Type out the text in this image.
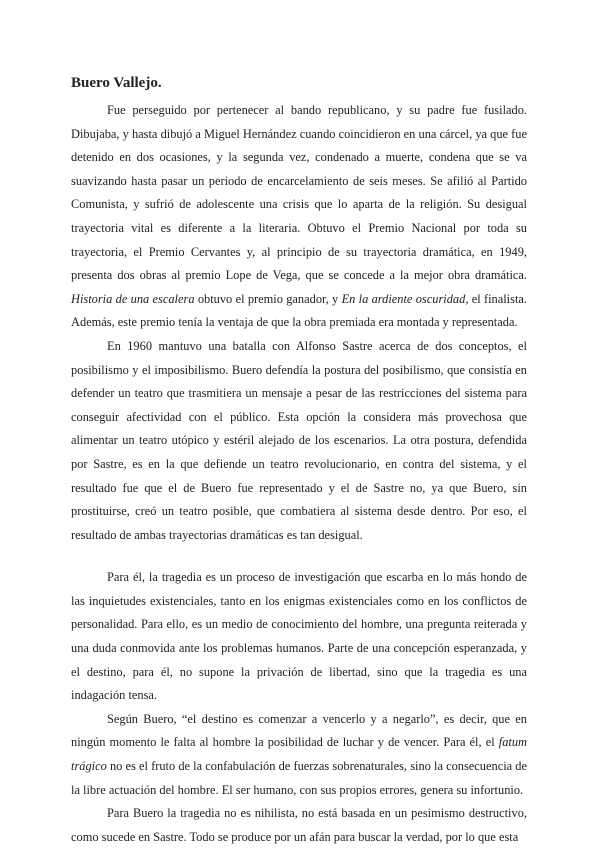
Buero Vallejo.

Fue perseguido por pertenecer al bando republicano, y su padre fue fusilado. Dibujaba, y hasta dibujó a Miguel Hernández cuando coincidieron en una cárcel, ya que fue detenido en dos ocasiones, y la segunda vez, condenado a muerte, condena que se va suavizando hasta pasar un periodo de encarcelamiento de seis meses. Se afilió al Partido Comunista, y sufrió de adolescente una crisis que lo aparta de la religión. Su desigual trayectoria vital es diferente a la literaria. Obtuvo el Premio Nacional por toda su trayectoria, el Premio Cervantes y, al principio de su trayectoria dramática, en 1949, presenta dos obras al premio Lope de Vega, que se concede a la mejor obra dramática. Historia de una escalera obtuvo el premio ganador, y En la ardiente oscuridad, el finalista. Además, este premio tenía la ventaja de que la obra premiada era montada y representada.

En 1960 mantuvo una batalla con Alfonso Sastre acerca de dos conceptos, el posibilismo y el imposibilismo. Buero defendía la postura del posibilismo, que consistía en defender un teatro que trasmitiera un mensaje a pesar de las restricciones del sistema para conseguir afectividad con el público. Esta opción la considera más provechosa que alimentar un teatro utópico y estéril alejado de los escenarios. La otra postura, defendida por Sastre, es en la que defiende un teatro revolucionario, en contra del sistema, y el resultado fue que el de Buero fue representado y el de Sastre no, ya que Buero, sin prostituirse, creó un teatro posible, que combatiera al sistema desde dentro. Por eso, el resultado de ambas trayectorias dramáticas es tan desigual.

Para él, la tragedia es un proceso de investigación que escarba en lo más hondo de las inquietudes existenciales, tanto en los enigmas existenciales como en los conflictos de personalidad. Para ello, es un medio de conocimiento del hombre, una pregunta reiterada y una duda conmovida ante los problemas humanos. Parte de una concepción esperanzada, y el destino, para él, no supone la privación de libertad, sino que la tragedia es una indagación tensa.

Según Buero, “el destino es comenzar a vencerlo y a negarlo”, es decir, que en ningún momento le falta al hombre la posibilidad de luchar y de vencer. Para él, el fatum trágico no es el fruto de la confabulación de fuerzas sobrenaturales, sino la consecuencia de la libre actuación del hombre. El ser humano, con sus propios errores, genera su infortunio.

Para Buero la tragedia no es nihilista, no está basada en un pesimismo destructivo, como sucede en Sastre. Todo se produce por un afán para buscar la verdad, por lo que esta
